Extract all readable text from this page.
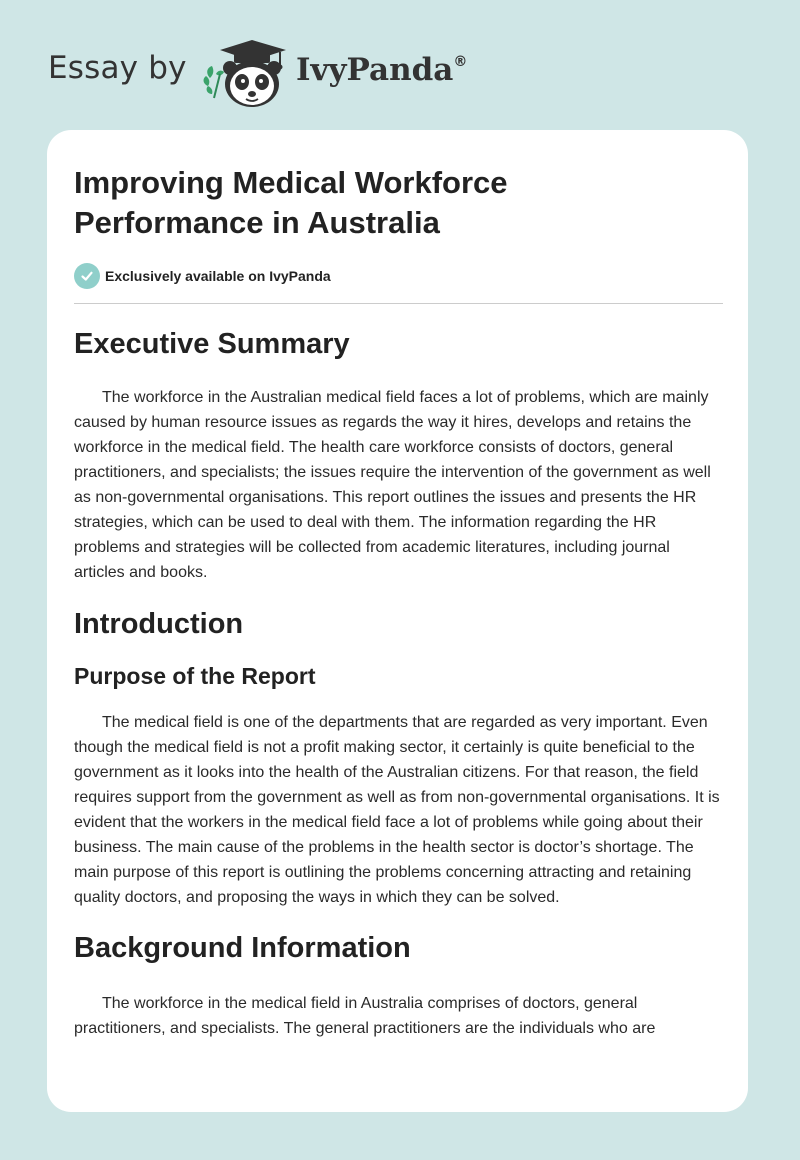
Essay by	IvyPanda®
Improving Medical Workforce Performance in Australia
Exclusively available on IvyPanda
Executive Summary

The workforce in the Australian medical field faces a lot of problems, which are mainly caused by human resource issues as regards the way it hires, develops and retains the workforce in the medical field. The health care workforce consists of doctors, general practitioners, and specialists; the issues require the intervention of the government as well as non-governmental organisations. This report outlines the issues and presents the HR strategies, which can be used to deal with them. The information regarding the HR problems and strategies will be collected from academic literatures, including journal articles and books.

Introduction
Purpose of the Report

The medical field is one of the departments that are regarded as very important. Even though the medical field is not a profit making sector, it certainly is quite beneficial to the government as it looks into the health of the Australian citizens. For that reason, the field requires support from the government as well as from non-governmental organisations. It is evident that the workers in the medical field face a lot of problems while going about their business. The main cause of the problems in the health sector is doctor’s shortage. The main purpose of this report is outlining the problems concerning attracting and retaining quality doctors, and proposing the ways in which they can be solved.

Background Information

The workforce in the medical field in Australia comprises of doctors, general practitioners, and specialists. The general practitioners are the individuals who are
